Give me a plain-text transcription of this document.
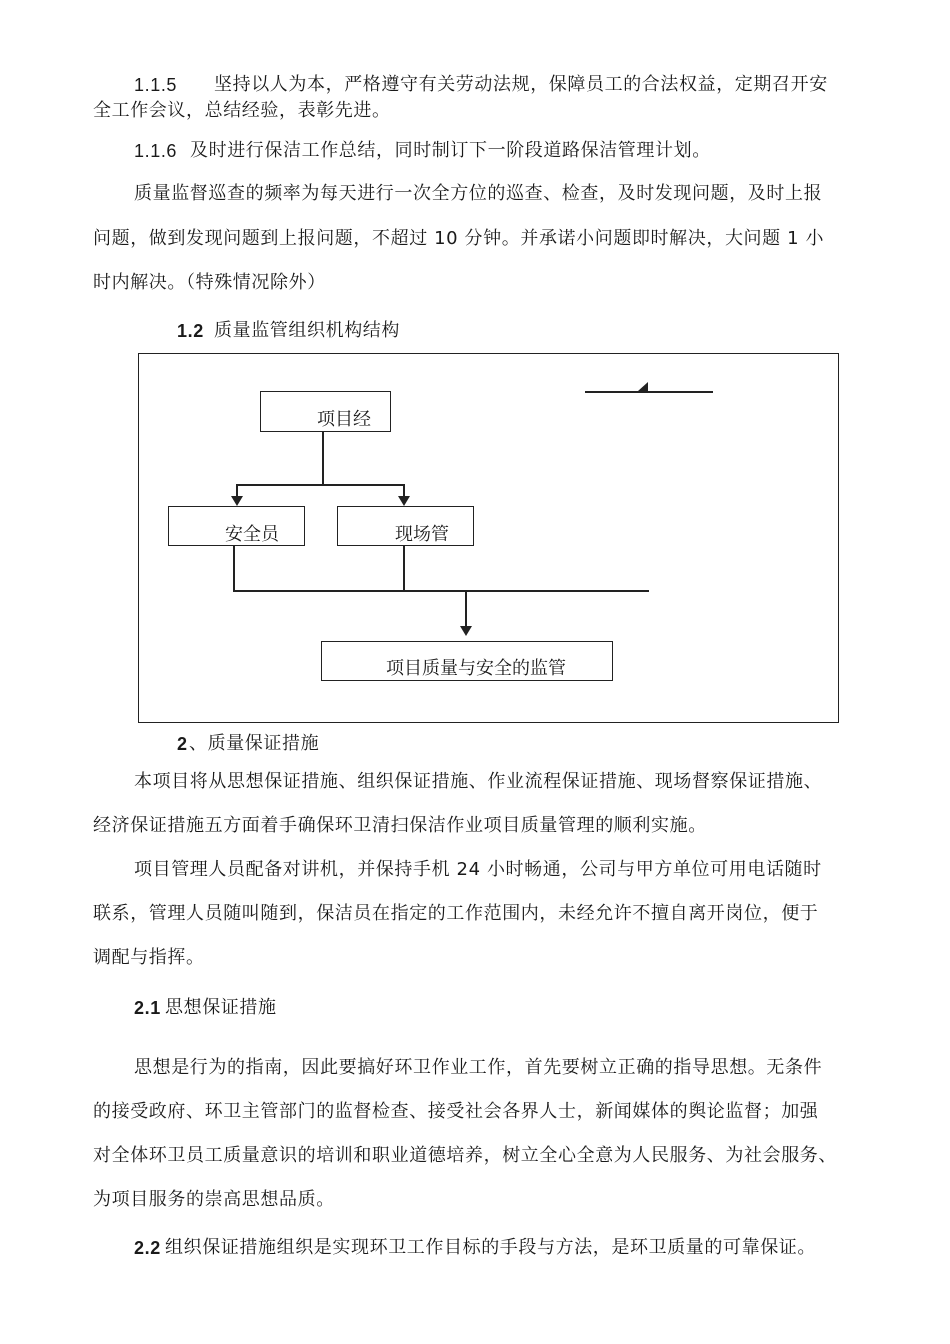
1.1.5 坚持以人为本，严格遵守有关劳动法规，保障员工的合法权益，定期召开安
全工作会议，总结经验，表彰先进。
1.1.6 及时进行保洁工作总结，同时制订下一阶段道路保洁管理计划。
质量监督巡查的频率为每天进行一次全方位的巡查、检查，及时发现问题，及时上报
问题，做到发现问题到上报问题，不超过 10 分钟。并承诺小问题即时解决，大问题 1 小
时内解决。（特殊情况除外）
1.2 质量监管组织机构结构
项目经
安全员	现场管
项目质量与安全的监管
2 、质量保证措施
本项目将从思想保证措施、组织保证措施、作业流程保证措施、现场督察保证措施、
经济保证措施五方面着手确保环卫清扫保洁作业项目质量管理的顺利实施。
项目管理人员配备对讲机，并保持手机 24 小时畅通，公司与甲方单位可用电话随时
联系，管理人员随叫随到，保洁员在指定的工作范围内，未经允许不擅自离开岗位，便于
调配与指挥。
2.1 思想保证措施
思想是行为的指南，因此要搞好环卫作业工作，首先要树立正确的指导思想。无条件
的接受政府、环卫主管部门的监督检查、接受社会各界人士，新闻媒体的舆论监督；加强
对全体环卫员工质量意识的培训和职业道德培养，树立全心全意为人民服务、为社会服务、
为项目服务的崇高思想品质。
2.2 组织保证措施组织是实现环卫工作目标的手段与方法，是环卫质量的可靠保证。
